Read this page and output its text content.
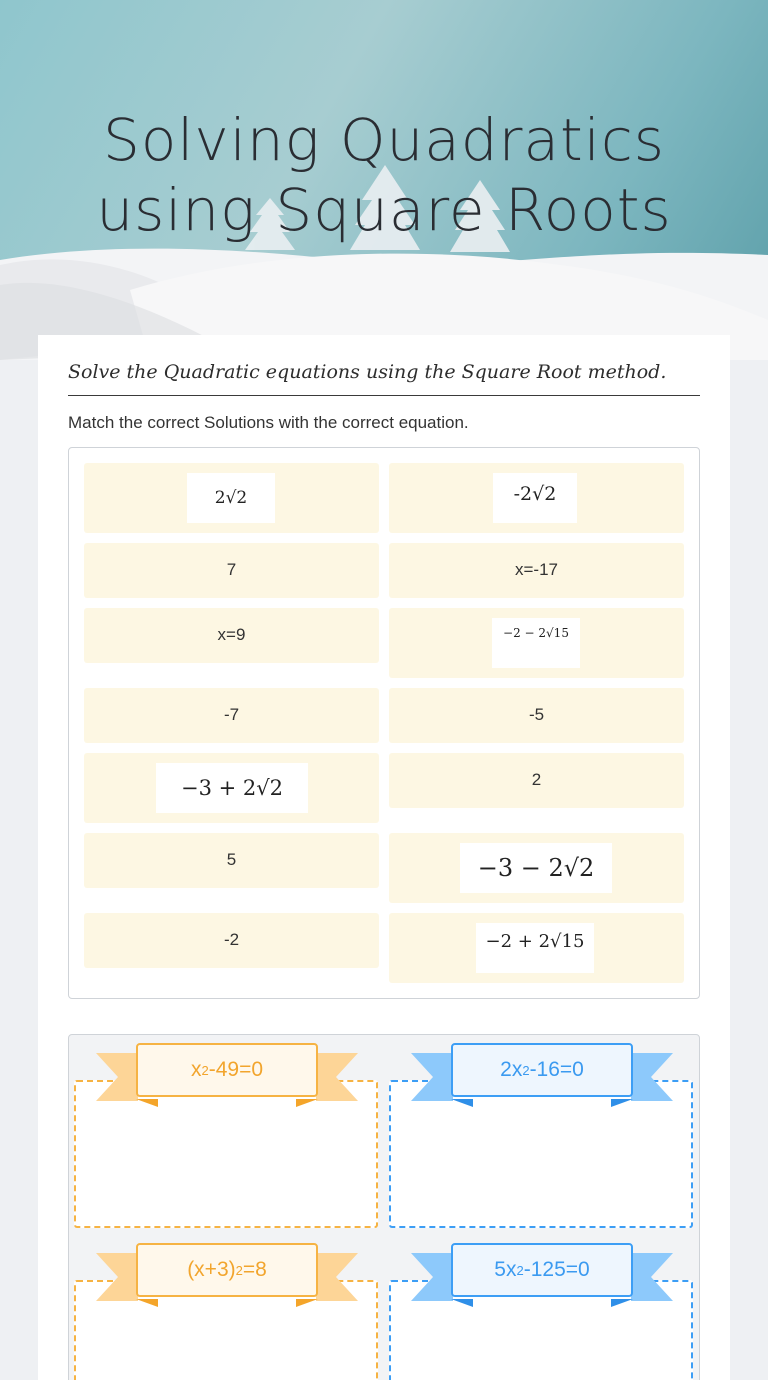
Solving Quadratics
using Square Roots
Solve the Quadratic equations using the Square Root method.
Match the correct Solutions with the correct equation.
2√2	-2√2
7	x=-17
x=9	−2 − 2√15
-7	-5
−3 + 2√2	2
5	−3 − 2√2
-2	−2 + 2√15
x 2 -49=0	2x 2 -16=0
(x+3) 2 =8	5x 2 -125=0
